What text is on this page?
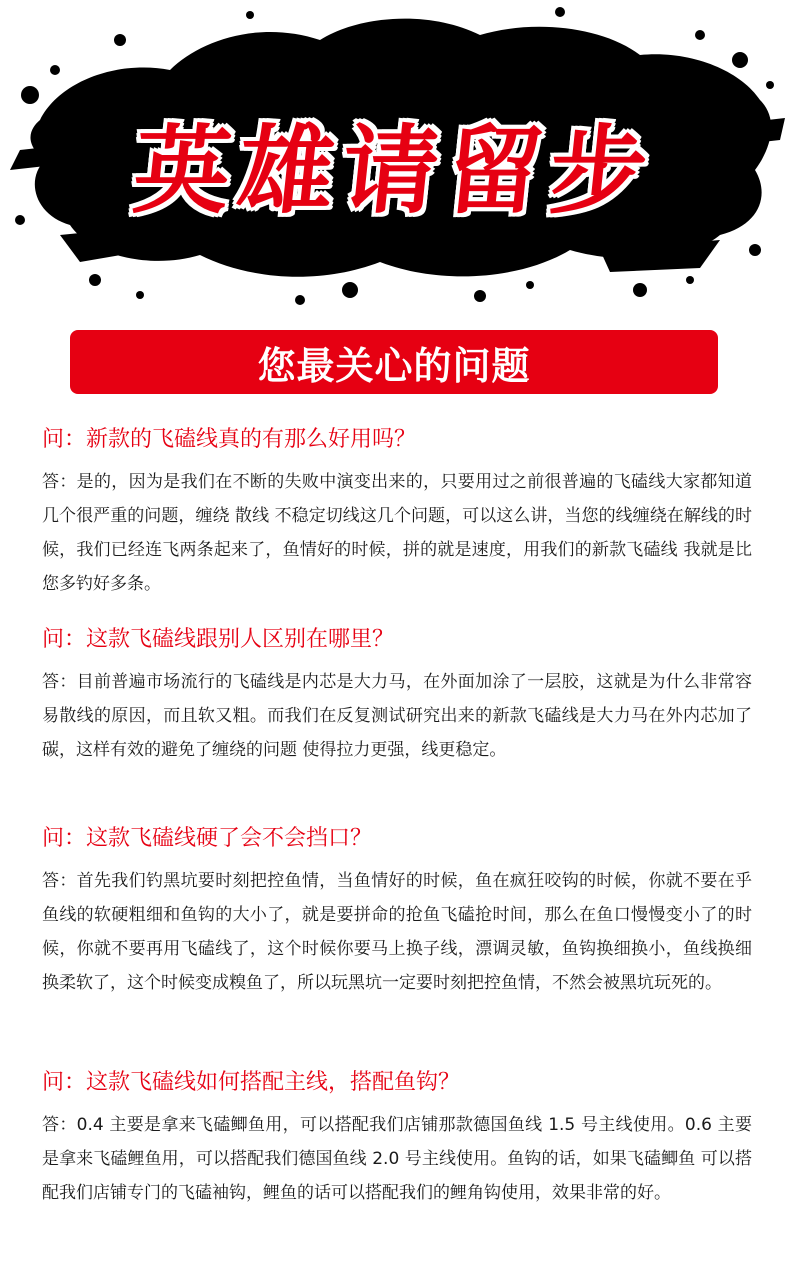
英雄请留步
您最关心的问题

问：新款的飞磕线真的有那么好用吗？

答：是的，因为是我们在不断的失败中演变出来的，只要用过之前很普遍的飞磕线大家都知道几个很严重的问题，缠绕 散线 不稳定切线这几个问题，可以这么讲，当您的线缠绕在解线的时候，我们已经连飞两条起来了，鱼情好的时候，拼的就是速度，用我们的新款飞磕线 我就是比您多钓好多条。

问：这款飞磕线跟别人区别在哪里？

答：目前普遍市场流行的飞磕线是内芯是大力马，在外面加涂了一层胶，这就是为什么非常容易散线的原因，而且软又粗。而我们在反复测试研究出来的新款飞磕线是大力马在外内芯加了碳，这样有效的避免了缠绕的问题 使得拉力更强，线更稳定。

问：这款飞磕线硬了会不会挡口？

答：首先我们钓黑坑要时刻把控鱼情，当鱼情好的时候，鱼在疯狂咬钩的时候，你就不要在乎鱼线的软硬粗细和鱼钩的大小了，就是要拼命的抢鱼飞磕抢时间，那么在鱼口慢慢变小了的时候，你就不要再用飞磕线了，这个时候你要马上换子线，漂调灵敏，鱼钩换细换小，鱼线换细换柔软了，这个时候变成糗鱼了，所以玩黑坑一定要时刻把控鱼情，不然会被黑坑玩死的。

问：这款飞磕线如何搭配主线，搭配鱼钩？

答：0.4 主要是拿来飞磕鲫鱼用，可以搭配我们店铺那款德国鱼线 1.5 号主线使用。0.6 主要是拿来飞磕鲤鱼用，可以搭配我们德国鱼线 2.0 号主线使用。鱼钩的话，如果飞磕鲫鱼 可以搭配我们店铺专门的飞磕袖钩，鲤鱼的话可以搭配我们的鲤角钩使用，效果非常的好。
